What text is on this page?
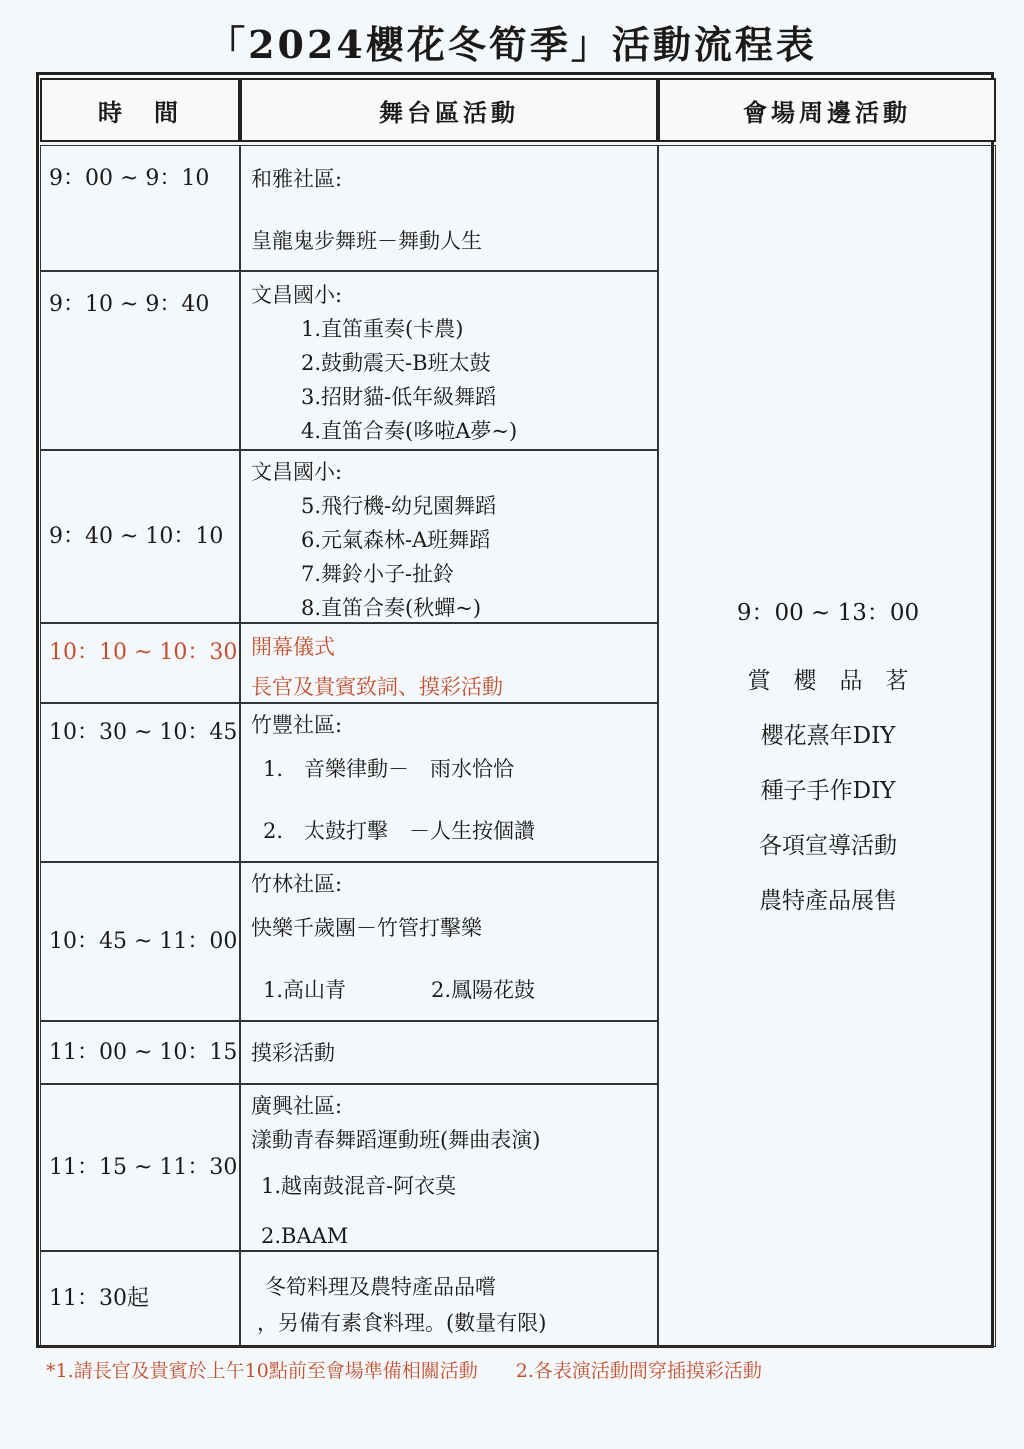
「2024櫻花冬筍季」活動流程表
時　間	舞台區活動	會場周邊活動
9：00 ~ 9：10	和雅社區:
皇龍鬼步舞班－舞動人生
9：10 ~ 9：40	文昌國小:
1.直笛重奏(卡農)
2.鼓動震天-B班太鼓
3.招財貓-低年級舞蹈
4.直笛合奏(哆啦A夢~)
9：40 ~ 10：10
文昌國小:
5.飛行機-幼兒園舞蹈
6.元氣森林-A班舞蹈
7.舞鈴小子-扯鈴
8.直笛合奏(秋蟬~)
10：10 ~ 10：30 開幕儀式
長官及貴賓致詞、摸彩活動
10：30 ~ 10：45 竹豐社區:
1.　音樂律動－　雨水恰恰
2.　太鼓打擊　－人生按個讚
10：45 ~ 11：00
竹林社區:
快樂千歲團－竹管打擊樂
1.高山青	2.鳳陽花鼓
11：00 ~ 10：15 摸彩活動
11：15 ~ 11：30
廣興社區:
漾動青春舞蹈運動班(舞曲表演)
1.越南鼓混音-阿衣莫
2.BAAM
11：30起	冬筍料理及農特產品品嚐
，另備有素食料理。(數量有限)
9：00 ~ 13：00
賞　櫻　品　茗
櫻花熹年DIY
種子手作DIY
各項宣導活動
農特產品展售
*1.請長官及貴賓於上午10點前至會場準備相關活動　　2.各表演活動間穿插摸彩活動
